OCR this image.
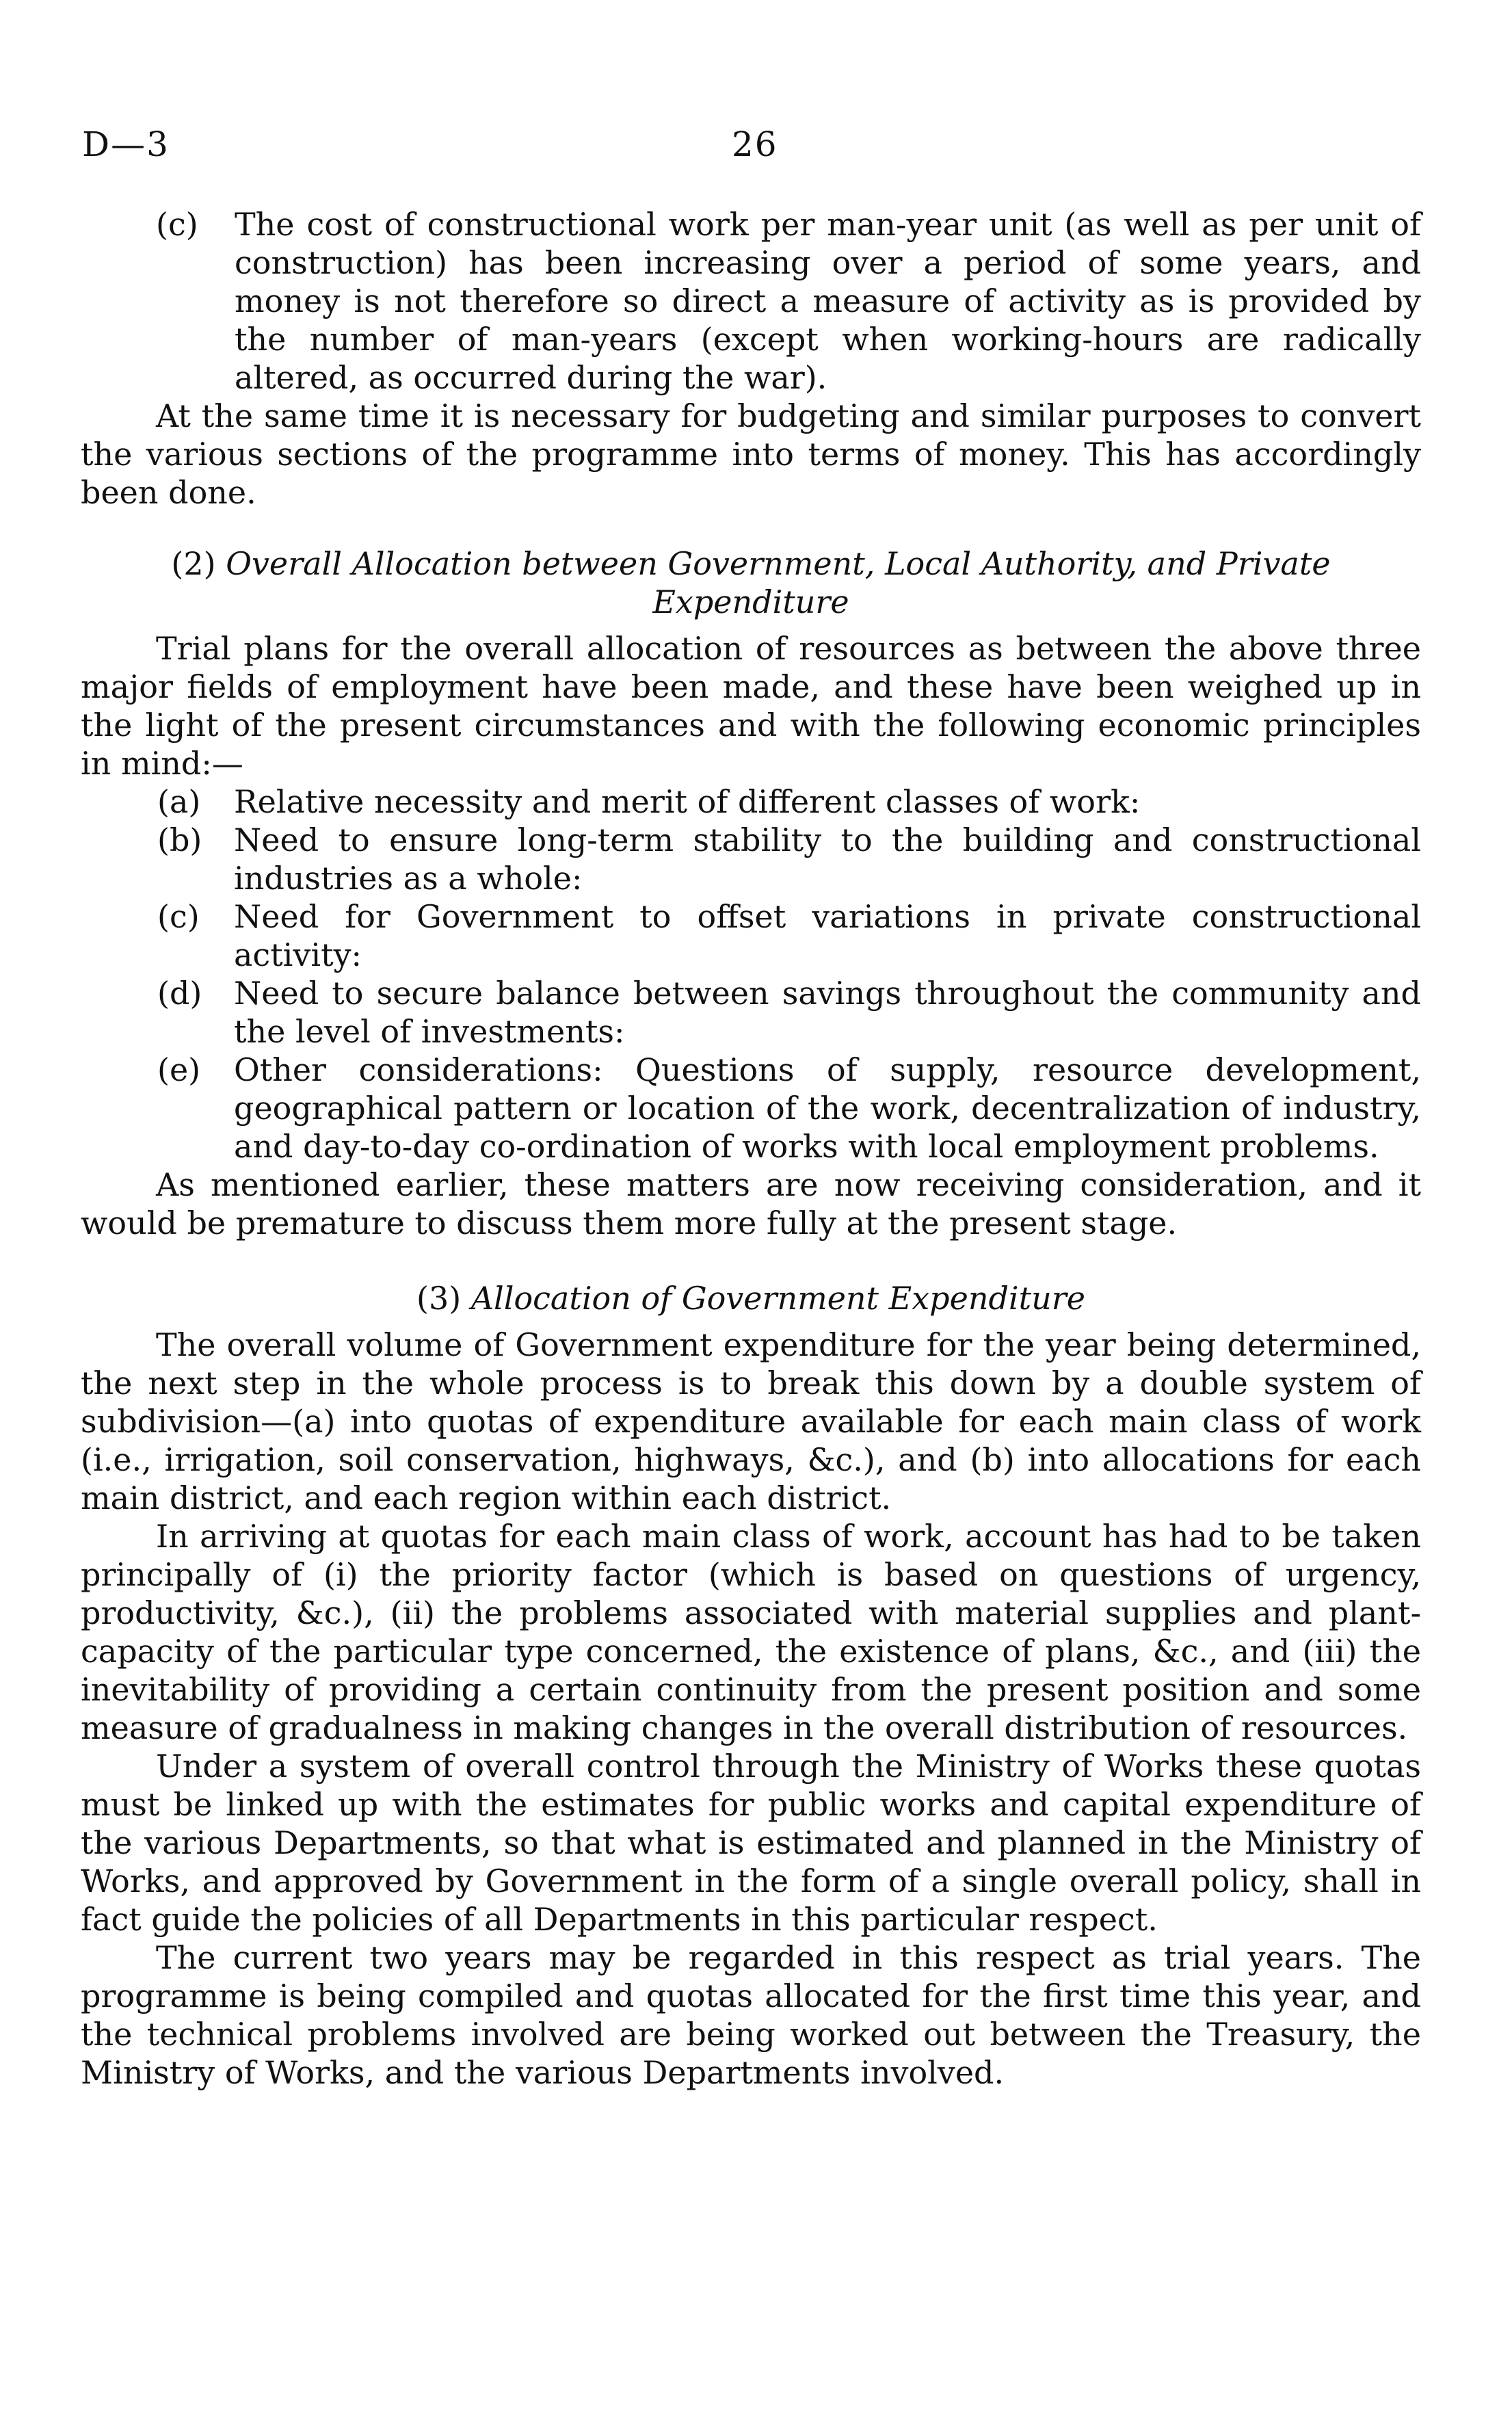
D—3	26
(c)	The cost of constructional work per man-year unit (as well as per unit of construction) has been increasing over a period of some years, and money is not therefore so direct a measure of activity as is provided by the number of man-years (except when working-hours are radically altered, as occurred during the war).

At the same time it is necessary for budgeting and similar purposes to convert the various sections of the programme into terms of money. This has accordingly been done.

(2) Overall Allocation between Government, Local Authority, and Private Expenditure

Trial plans for the overall allocation of resources as between the above three major fields of employment have been made, and these have been weighed up in the light of the present circumstances and with the following economic principles in mind:—

(a)	Relative necessity and merit of different classes of work:
(b)	Need to ensure long-term stability to the building and constructional industries as a whole:
(c)	Need for Government to offset variations in private constructional activity:
(d)	Need to secure balance between savings throughout the community and the level of investments:
(e)	Other considerations: Questions of supply, resource development, geographical pattern or location of the work, decentralization of industry, and day-to-day co-ordination of works with local employment problems.

As mentioned earlier, these matters are now receiving consideration, and it would be premature to discuss them more fully at the present stage.

(3) Allocation of Government Expenditure

The overall volume of Government expenditure for the year being determined, the next step in the whole process is to break this down by a double system of subdivision—(a) into quotas of expenditure available for each main class of work (i.e., irrigation, soil conservation, highways, &c.), and (b) into allocations for each main district, and each region within each district.

In arriving at quotas for each main class of work, account has had to be taken principally of (i) the priority factor (which is based on questions of urgency, productivity, &c.), (ii) the problems associated with material supplies and plant-capacity of the particular type concerned, the existence of plans, &c., and (iii) the inevitability of providing a certain continuity from the present position and some measure of gradualness in making changes in the overall distribution of resources.

Under a system of overall control through the Ministry of Works these quotas must be linked up with the estimates for public works and capital expenditure of the various Departments, so that what is estimated and planned in the Ministry of Works, and approved by Government in the form of a single overall policy, shall in fact guide the policies of all Departments in this particular respect.

The current two years may be regarded in this respect as trial years. The programme is being compiled and quotas allocated for the first time this year, and the technical problems involved are being worked out between the Treasury, the Ministry of Works, and the various Departments involved.
